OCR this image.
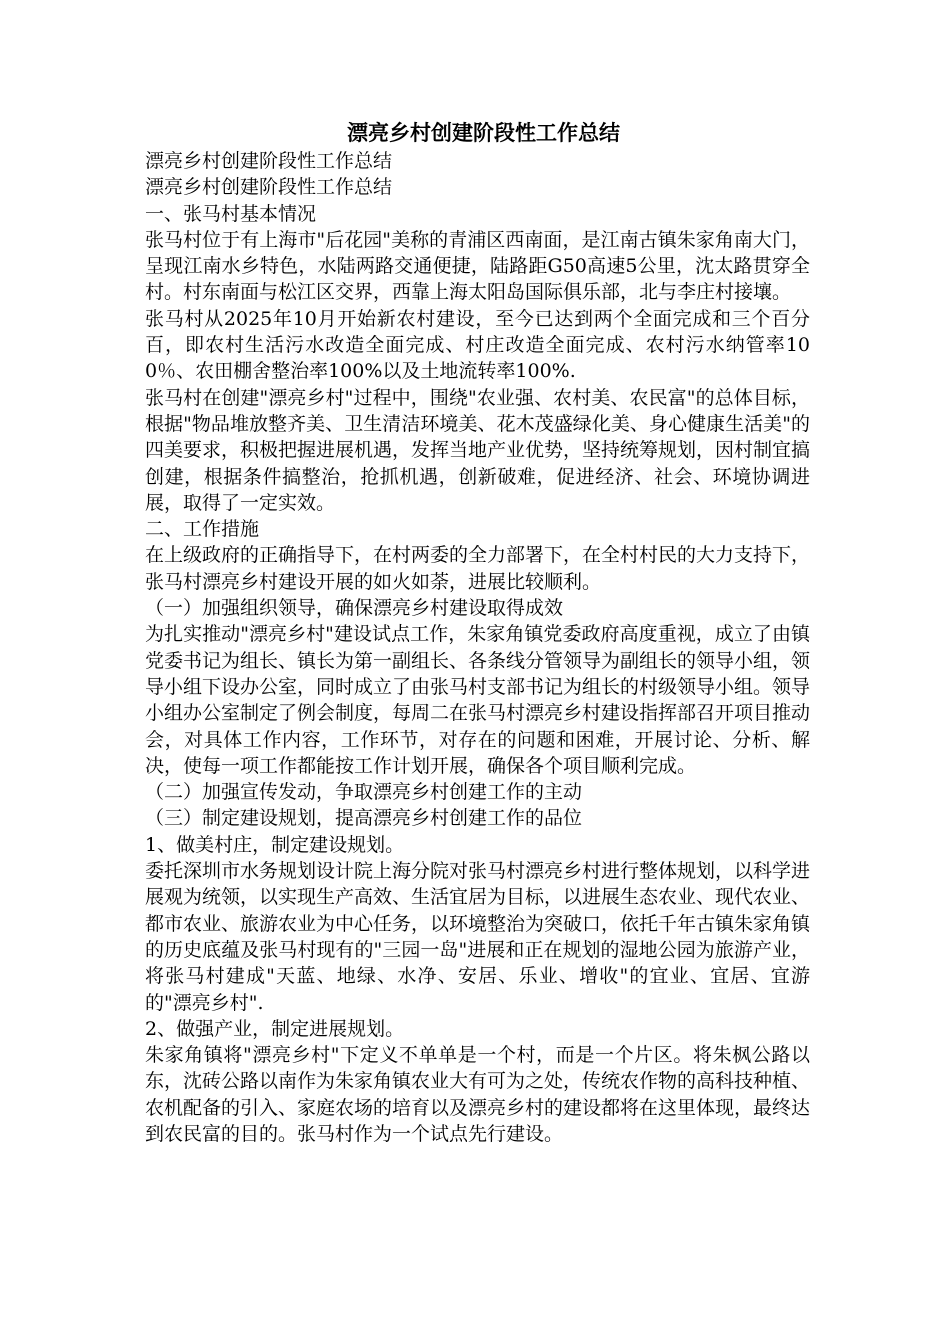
漂亮乡村创建阶段性工作总结

漂亮乡村创建阶段性工作总结

漂亮乡村创建阶段性工作总结

一、张马村基本情况

张马村位于有上海市"后花园"美称的青浦区西南面，是江南古镇朱家角南大门，呈现江南水乡特色，水陆两路交通便捷，陆路距G50高速5公里，沈太路贯穿全村。村东南面与松江区交界，西靠上海太阳岛国际俱乐部，北与李庄村接壤。

张马村从2025年10月开始新农村建设，至今已达到两个全面完成和三个百分百，即农村生活污水改造全面完成、村庄改造全面完成、农村污水纳管率100％、农田棚舍整治率100%以及土地流转率100%.

张马村在创建"漂亮乡村"过程中，围绕"农业强、农村美、农民富"的总体目标，根据"物品堆放整齐美、卫生清洁环境美、花木茂盛绿化美、身心健康生活美"的四美要求，积极把握进展机遇，发挥当地产业优势，坚持统筹规划，因村制宜搞创建，根据条件搞整治，抢抓机遇，创新破难，促进经济、社会、环境协调进展，取得了一定实效。

二、工作措施

在上级政府的正确指导下，在村两委的全力部署下，在全村村民的大力支持下，张马村漂亮乡村建设开展的如火如荼，进展比较顺利。

（一）加强组织领导，确保漂亮乡村建设取得成效

为扎实推动"漂亮乡村"建设试点工作，朱家角镇党委政府高度重视，成立了由镇党委书记为组长、镇长为第一副组长、各条线分管领导为副组长的领导小组，领导小组下设办公室，同时成立了由张马村支部书记为组长的村级领导小组。领导小组办公室制定了例会制度，每周二在张马村漂亮乡村建设指挥部召开项目推动会，对具体工作内容，工作环节，对存在的问题和困难，开展讨论、分析、解决，使每一项工作都能按工作计划开展，确保各个项目顺利完成。

（二）加强宣传发动，争取漂亮乡村创建工作的主动

（三）制定建设规划，提高漂亮乡村创建工作的品位

1、做美村庄，制定建设规划。

委托深圳市水务规划设计院上海分院对张马村漂亮乡村进行整体规划，以科学进展观为统领，以实现生产高效、生活宜居为目标，以进展生态农业、现代农业、都市农业、旅游农业为中心任务，以环境整治为突破口，依托千年古镇朱家角镇的历史底蕴及张马村现有的"三园一岛"进展和正在规划的湿地公园为旅游产业，将张马村建成"天蓝、地绿、水净、安居、乐业、增收"的宜业、宜居、宜游的"漂亮乡村".

2、做强产业，制定进展规划。

朱家角镇将"漂亮乡村"下定义不单单是一个村，而是一个片区。将朱枫公路以东，沈砖公路以南作为朱家角镇农业大有可为之处，传统农作物的高科技种植、农机配备的引入、家庭农场的培育以及漂亮乡村的建设都将在这里体现，最终达到农民富的目的。张马村作为一个试点先行建设。
